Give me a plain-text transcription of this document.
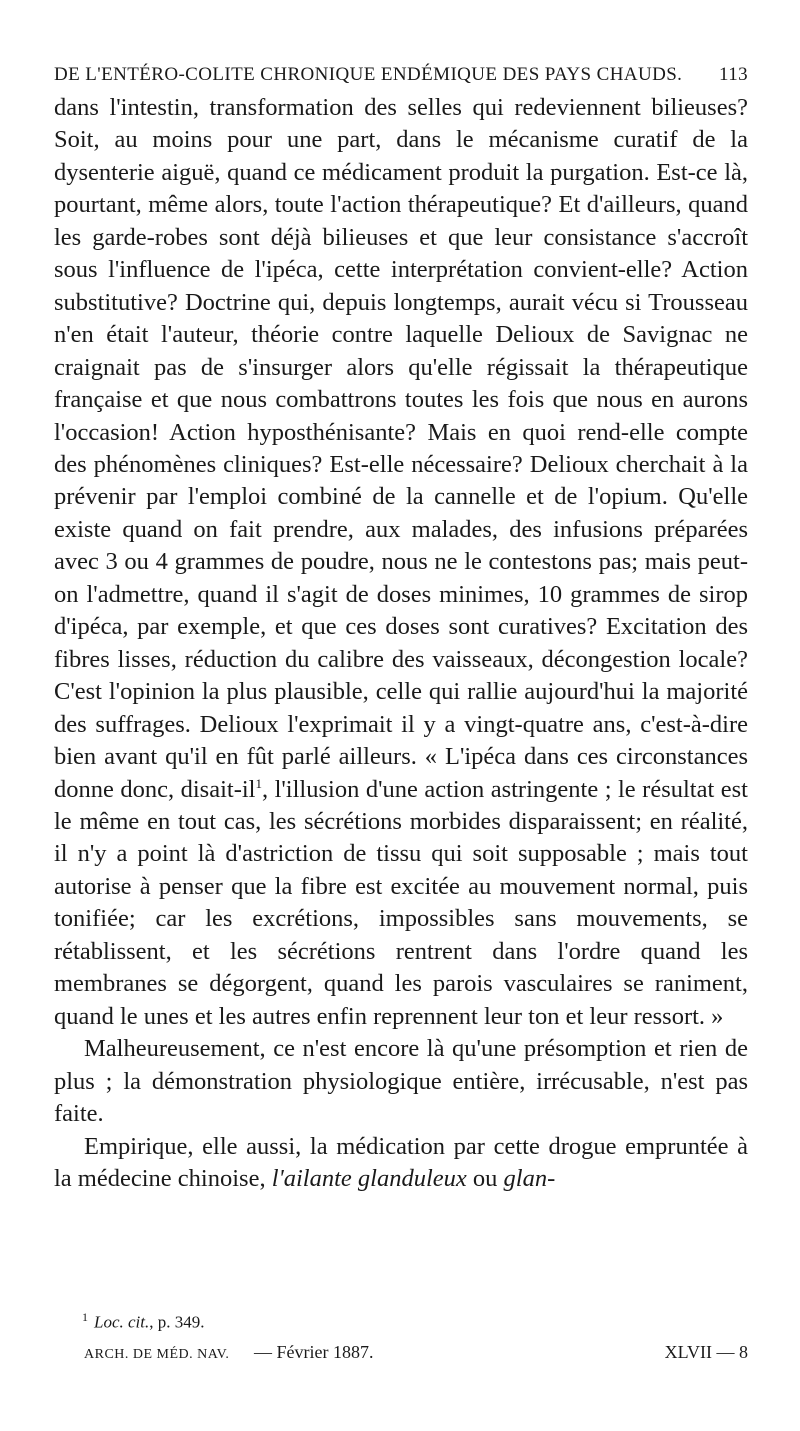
DE L'ENTÉRO-COLITE CHRONIQUE ENDÉMIQUE DES PAYS CHAUDS. 113

dans l'intestin, transformation des selles qui redeviennent bilieuses? Soit, au moins pour une part, dans le mécanisme curatif de la dysenterie aiguë, quand ce médicament produit la purgation. Est-ce là, pourtant, même alors, toute l'action thérapeutique? Et d'ailleurs, quand les garde-robes sont déjà bilieuses et que leur consistance s'accroît sous l'influence de l'ipéca, cette interprétation convient-elle? Action substitutive? Doctrine qui, depuis longtemps, aurait vécu si Trousseau n'en était l'auteur, théorie contre laquelle Delioux de Savignac ne craignait pas de s'insurger alors qu'elle régissait la thérapeutique française et que nous combattrons toutes les fois que nous en aurons l'occasion! Action hyposthénisante? Mais en quoi rend-elle compte des phénomènes cliniques? Est-elle nécessaire? Delioux cherchait à la prévenir par l'emploi combiné de la cannelle et de l'opium. Qu'elle existe quand on fait prendre, aux malades, des infusions préparées avec 3 ou 4 grammes de poudre, nous ne le contestons pas; mais peut-on l'admettre, quand il s'agit de doses minimes, 10 grammes de sirop d'ipéca, par exemple, et que ces doses sont curatives? Excitation des fibres lisses, réduction du calibre des vaisseaux, décongestion locale? C'est l'opinion la plus plausible, celle qui rallie aujourd'hui la majorité des suffrages. Delioux l'exprimait il y a vingt-quatre ans, c'est-à-dire bien avant qu'il en fût parlé ailleurs. « L'ipéca dans ces circonstances donne donc, disait-il$^1$, l'illusion d'une action astringente ; le résultat est le même en tout cas, les sécrétions morbides disparaissent; en réalité, il n'y a point là d'astriction de tissu qui soit supposable ; mais tout autorise à penser que la fibre est excitée au mouvement normal, puis tonifiée; car les excrétions, impossibles sans mouvements, se rétablissent, et les sécrétions rentrent dans l'ordre quand les membranes se dégorgent, quand les parois vasculaires se raniment, quand le unes et les autres enfin reprennent leur ton et leur ressort. »

Malheureusement, ce n'est encore là qu'une présomption et rien de plus ; la démonstration physiologique entière, irrécusable, n'est pas faite.

Empirique, elle aussi, la médication par cette drogue empruntée à la médecine chinoise, l'ailante glanduleux ou glan-

$^1$ Loc. cit., p. 349.
ARCH. DE MÉD. NAV. — Février 1887.	XLVII — 8
